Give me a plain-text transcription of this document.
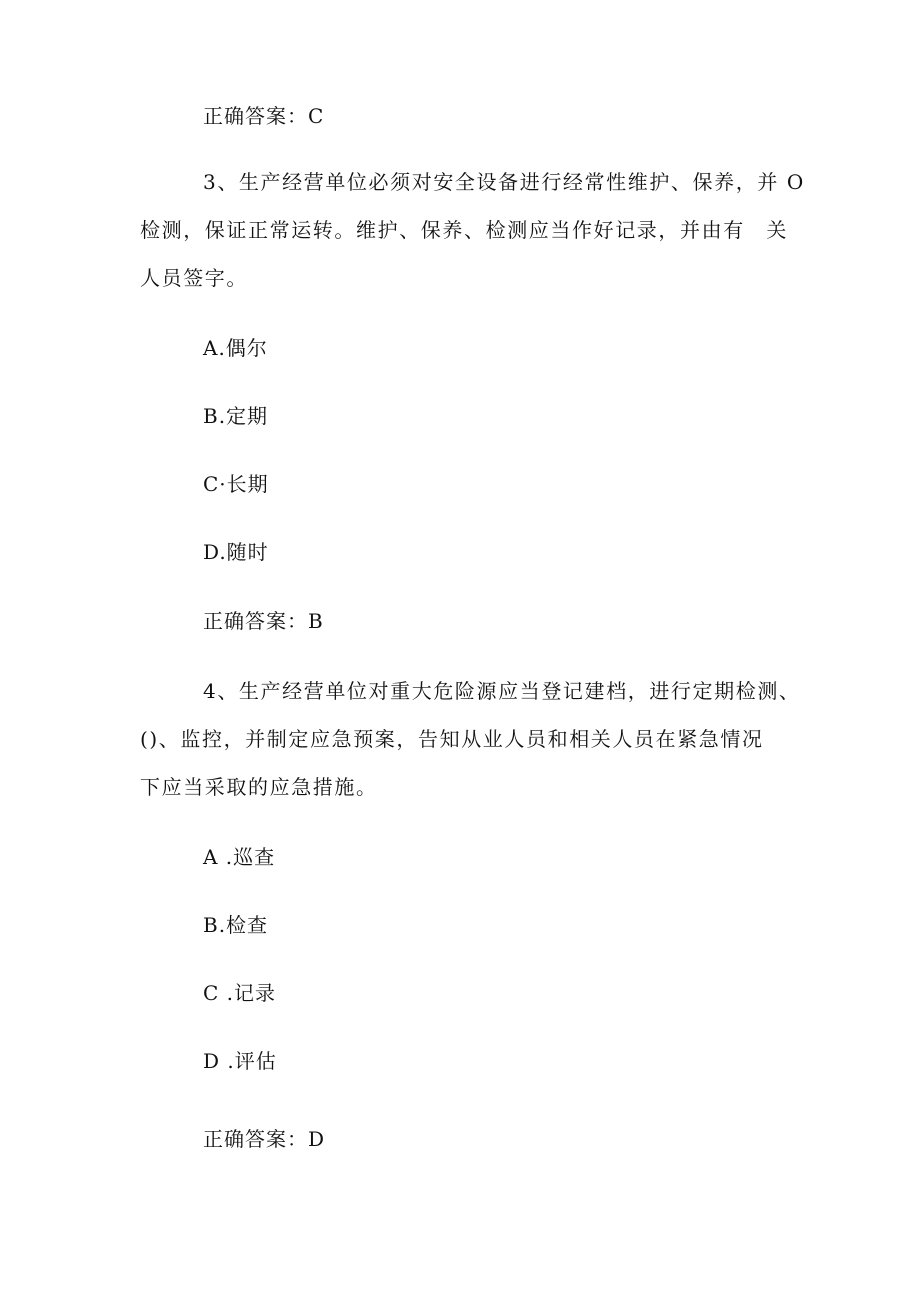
正确答案：C
3、生产经营单位必须对安全设备进行经常性维护、保养，并 O
检测，保证正常运转。维护、保养、检测应当作好记录，并由有　关
人员签字。
A.偶尔
B.定期
C·长期
D.随时
正确答案：B
4、生产经营单位对重大危险源应当登记建档，进行定期检测、
()、监控，并制定应急预案，告知从业人员和相关人员在紧急情况
下应当采取的应急措施。
A .巡查
B.检查
C .记录
D .评估
正确答案：D
